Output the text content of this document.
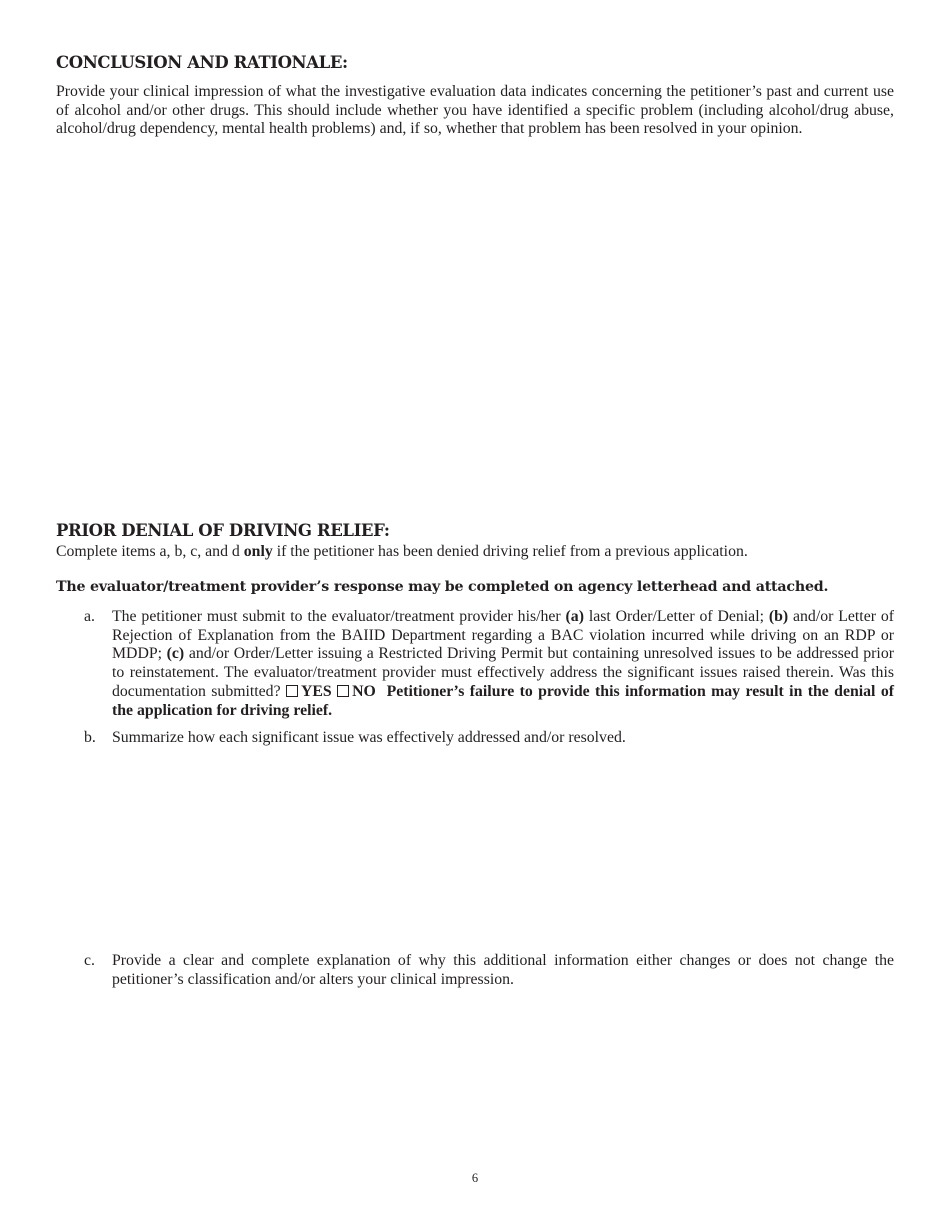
CONCLUSION AND RATIONALE:

Provide your clinical impression of what the investigative evaluation data indicates concerning the petitioner’s past and current use of alcohol and/or other drugs. This should include whether you have identified a specific problem (including alcohol/drug abuse, alcohol/drug dependency, mental health problems) and, if so, whether that problem has been resolved in your opinion.

PRIOR DENIAL OF DRIVING RELIEF:

Complete items a, b, c, and d only if the petitioner has been denied driving relief from a previous application.

The evaluator/treatment provider’s response may be completed on agency letterhead and attached.

a.	The petitioner must submit to the evaluator/treatment provider his/her (a) last Order/Letter of Denial; (b) and/or Letter of Rejection of Explanation from the BAIID Department regarding a BAC violation incurred while driving on an RDP or MDDP; (c) and/or Order/Letter issuing a Restricted Driving Permit but containing unresolved issues to be addressed prior to reinstatement. The evaluator/treatment provider must effectively address the significant issues raised therein. Was this documentation submitted? YES NO Petitioner’s failure to provide this information may result in the denial of the application for driving relief.
b.	Summarize how each significant issue was effectively addressed and/or resolved.
c.	Provide a clear and complete explanation of why this additional information either changes or does not change the petitioner’s classification and/or alters your clinical impression.
6
